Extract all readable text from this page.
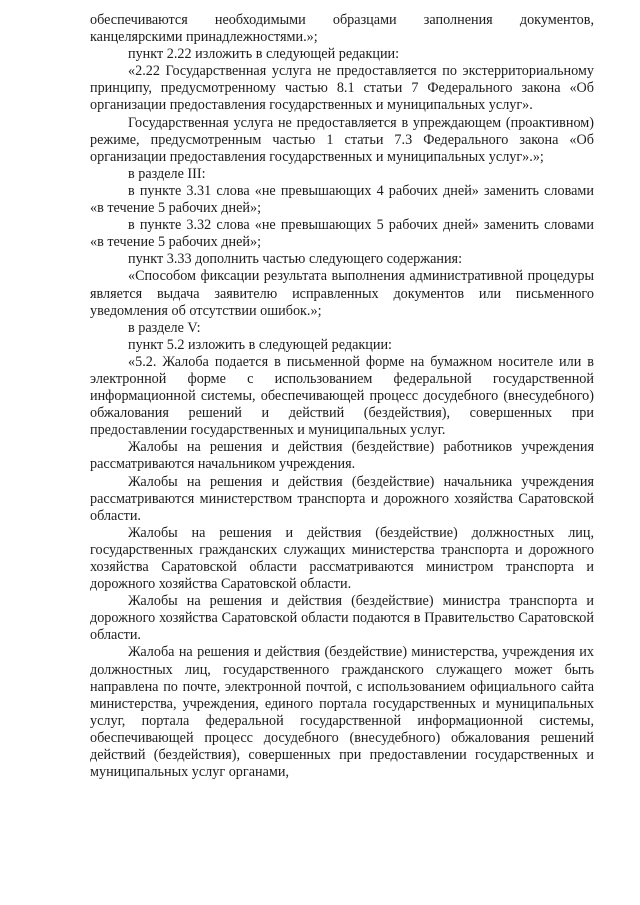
обеспечиваются необходимыми образцами заполнения документов, канцелярскими принадлежностями.»;

пункт 2.22 изложить в следующей редакции:

«2.22 Государственная услуга не предоставляется по экстерриториальному принципу, предусмотренному частью 8.1 статьи 7 Федерального закона «Об организации предоставления государственных и муниципальных услуг».

Государственная услуга не предоставляется в упреждающем (проактивном) режиме, предусмотренным частью 1 статьи 7.3 Федерального закона «Об организации предоставления государственных и муниципальных услуг».»;

в разделе III:

в пункте 3.31 слова «не превышающих 4 рабочих дней» заменить словами «в течение 5 рабочих дней»;

в пункте 3.32 слова «не превышающих 5 рабочих дней» заменить словами «в течение 5 рабочих дней»;

пункт 3.33 дополнить частью следующего содержания:

«Способом фиксации результата выполнения административной процедуры является выдача заявителю исправленных документов или письменного уведомления об отсутствии ошибок.»;

в разделе V:

пункт 5.2 изложить в следующей редакции:

«5.2. Жалоба подается в письменной форме на бумажном носителе или в электронной форме с использованием федеральной государственной информационной системы, обеспечивающей процесс досудебного (внесудебного) обжалования решений и действий (бездействия), совершенных при предоставлении государственных и муниципальных услуг.

Жалобы на решения и действия (бездействие) работников учреждения рассматриваются начальником учреждения.

Жалобы на решения и действия (бездействие) начальника учреждения рассматриваются министерством транспорта и дорожного хозяйства Саратовской области.

Жалобы на решения и действия (бездействие) должностных лиц, государственных гражданских служащих министерства транспорта и дорожного хозяйства Саратовской области рассматриваются министром транспорта и дорожного хозяйства Саратовской области.

Жалобы на решения и действия (бездействие) министра транспорта и дорожного хозяйства Саратовской области подаются в Правительство Саратовской области.

Жалоба на решения и действия (бездействие) министерства, учреждения их должностных лиц, государственного гражданского служащего может быть направлена по почте, электронной почтой, с использованием официального сайта министерства, учреждения, единого портала государственных и муниципальных услуг, портала федеральной государственной информационной системы, обеспечивающей процесс досудебного (внесудебного) обжалования решений действий (бездействия), совершенных при предоставлении государственных и муниципальных услуг органами,
